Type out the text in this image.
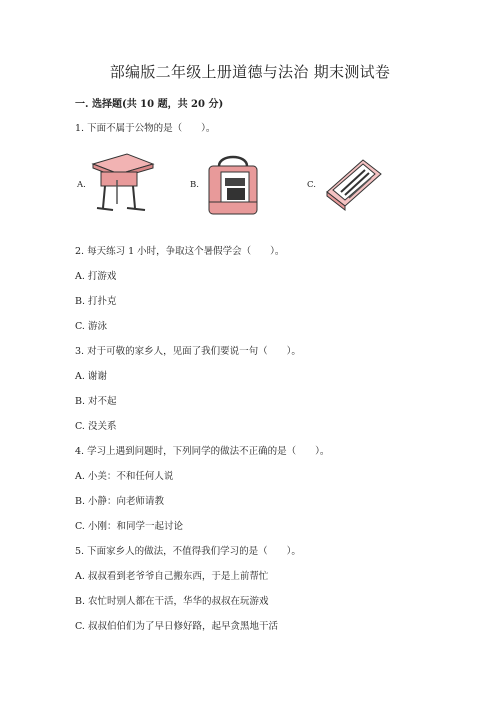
部编版二年级上册道德与法治 期末测试卷
一. 选择题(共 10 题，共 20 分)
1. 下面不属于公物的是（　　）。
A.	B.	C.
2. 每天练习 1 小时，争取这个暑假学会（　　）。
A. 打游戏
B. 打扑克
C. 游泳
3. 对于可敬的家乡人，见面了我们要说一句（　　）。
A. 谢谢
B. 对不起
C. 没关系
4. 学习上遇到问题时，下列同学的做法不正确的是（　　）。
A. 小美：不和任何人说
B. 小静：向老师请教
C. 小刚：和同学一起讨论
5. 下面家乡人的做法，不值得我们学习的是（　　）。
A. 叔叔看到老爷爷自己搬东西，于是上前帮忙
B. 农忙时别人都在干活，华华的叔叔在玩游戏
C. 叔叔伯伯们为了早日修好路，起早贪黑地干活
